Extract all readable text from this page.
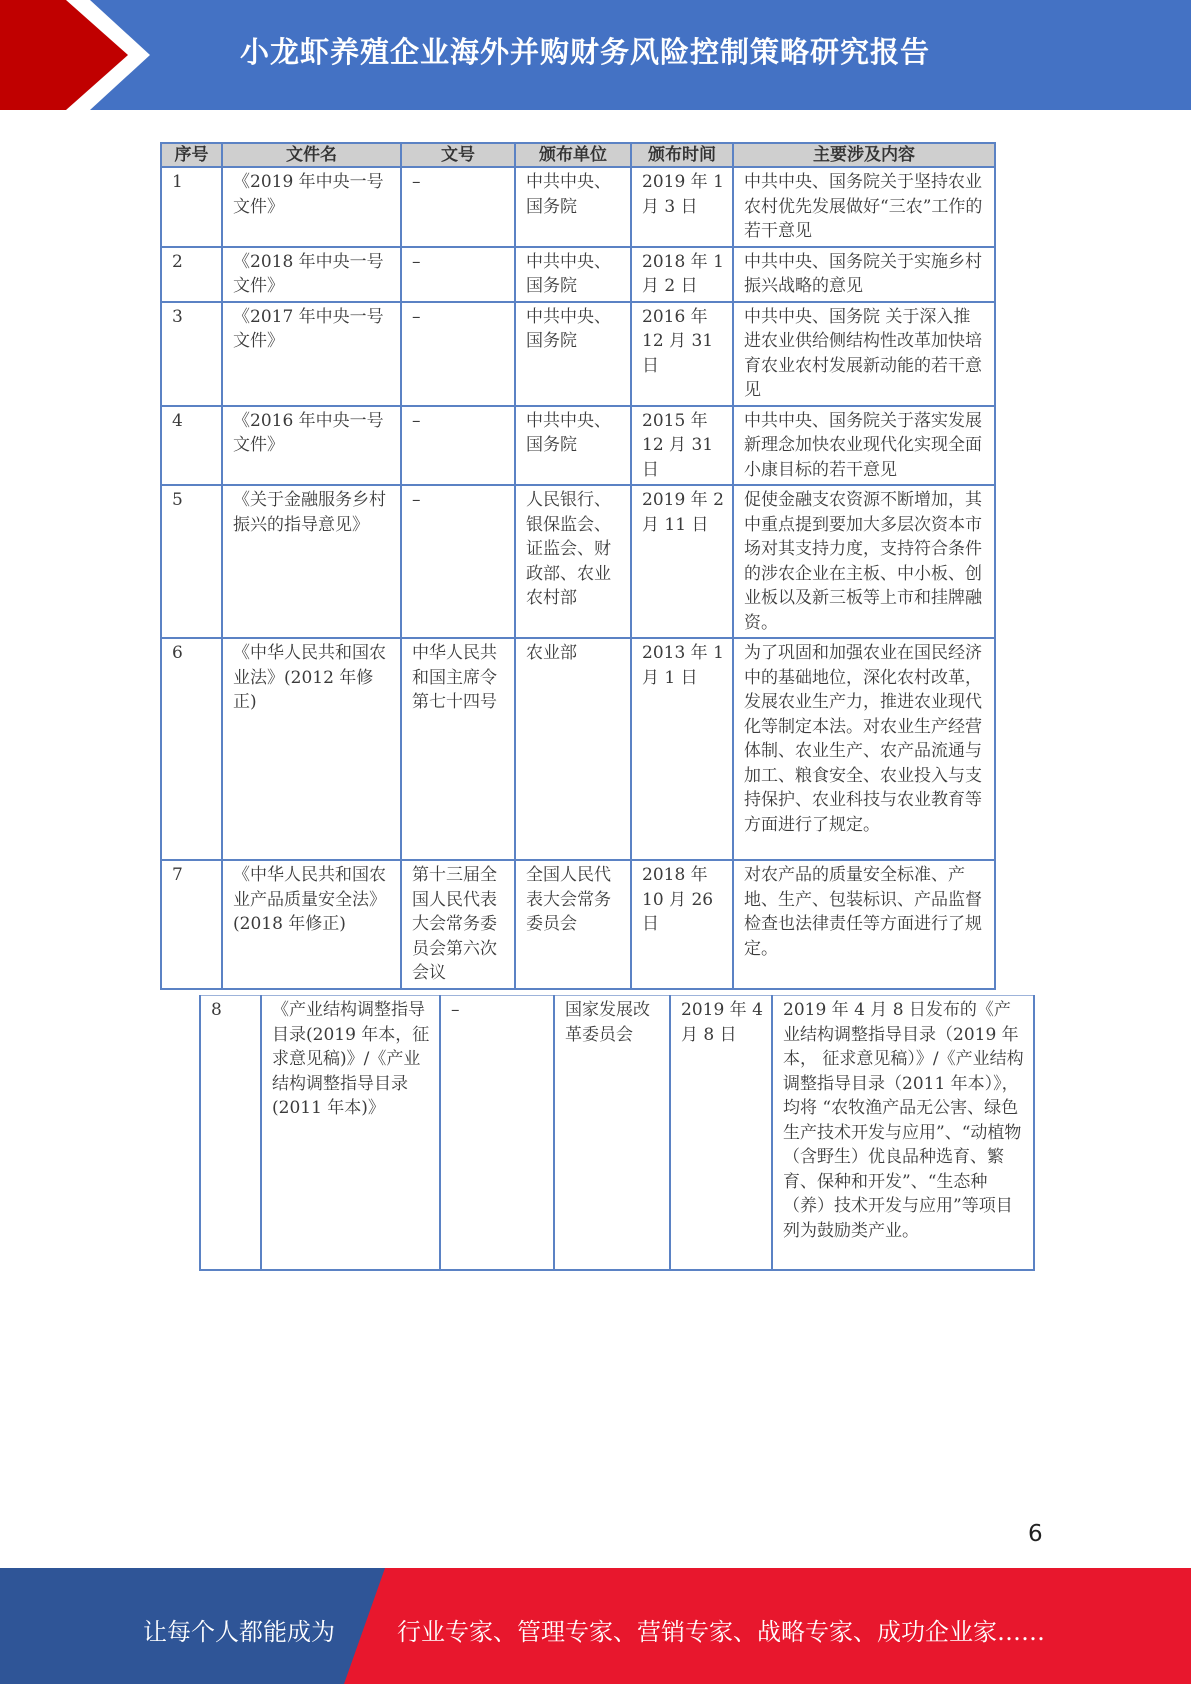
小龙虾养殖企业海外并购财务风险控制策略研究报告
序号	文件名	文号	颁布单位	颁布时间	主要涉及内容
1	《2019 年中央一号文件》	–	中共中央、国务院	2019 年 1 月 3 日	中共中央、国务院关于坚持农业农村优先发展做好“三农”工作的若干意见
2	《2018 年中央一号文件》	–	中共中央、国务院	2018 年 1 月 2 日	中共中央、国务院关于实施乡村振兴战略的意见
3	《2017 年中央一号文件》	–	中共中央、国务院	2016 年 12 月 31 日	中共中央、国务院 关于深入推进农业供给侧结构性改革加快培育农业农村发展新动能的若干意见
4	《2016 年中央一号文件》	–	中共中央、国务院	2015 年 12 月 31 日	中共中央、国务院关于落实发展新理念加快农业现代化实现全面小康目标的若干意见
5	《关于金融服务乡村振兴的指导意见》	–	人民银行、银保监会、证监会、财政部、农业农村部	2019 年 2 月 11 日	促使金融支农资源不断增加，其中重点提到要加大多层次资本市场对其支持力度，支持符合条件的涉农企业在主板、中小板、创业板以及新三板等上市和挂牌融资。
6	《中华人民共和国农业法》(2012 年修正)	中华人民共和国主席令第七十四号	农业部	2013 年 1 月 1 日	为了巩固和加强农业在国民经济中的基础地位，深化农村改革，发展农业生产力，推进农业现代化等制定本法。对农业生产经营体制、农业生产、农产品流通与加工、粮食安全、农业投入与支持保护、农业科技与农业教育等方面进行了规定。
7	《中华人民共和国农业产品质量安全法》(2018 年修正)	第十三届全国人民代表大会常务委员会第六次会议	全国人民代表大会常务委员会	2018 年 10 月 26 日	对农产品的质量安全标准、产地、生产、包装标识、产品监督检查也法律责任等方面进行了规定。
8	《产业结构调整指导目录(2019 年本，征求意见稿)》/《产业结构调整指导目录(2011 年本)》	–	国家发展改革委员会	2019 年 4 月 8 日	2019 年 4 月 8 日发布的《产业结构调整指导目录（2019 年本， 征求意见稿）》/《产业结构调整指导目录（2011 年本）》，均将 “农牧渔产品无公害、绿色生产技术开发与应用”、“动植物（含野生）优良品种选育、繁育、保种和开发”、“生态种（养）技术开发与应用”等项目列为鼓励类产业。
6
让每个人都能成为	行业专家、管理专家、营销专家、战略专家、成功企业家……
